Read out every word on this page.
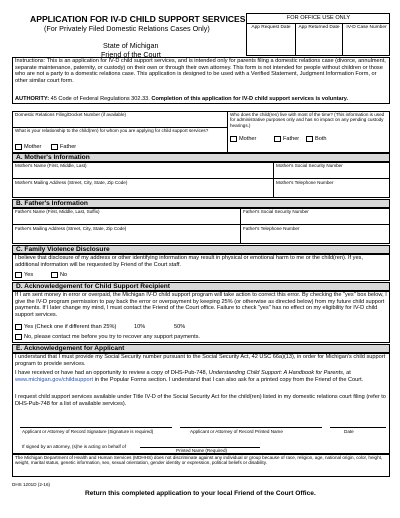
APPLICATION FOR IV-D CHILD SUPPORT SERVICES
(For Privately Filed Domestic Relations Cases Only)
State of Michigan
Friend of the Court
FOR OFFICE USE ONLY
App Request Date	App Returned Date	IV-D Case Number
Instructions: This is an application for IV-D child support services, and is intended only for parents filing a domestic relations case (divorce, annulment, separate maintenance, paternity, or custody) on their own or through their own attorney. This form is not intended for people without children or those who are not a party to a domestic relations case. This application is designed to be used with a Verified Statement, Judgment Information Form, or other similar court form.
AUTHORITY: 45 Code of Federal Regulations 302.33. Completion of this application for IV-D child support services is voluntary.
Domestic Relations Filing/Docket Number (if available)
What is your relationship to the child(ren) for whom you are applying for child support services?
Mother	Father
Who does the child(ren) live with most of the time? (This information is used for administrative purposes only and has no impact on any pending custody hearings.)
Mother	Father	Both
A. Mother's Information
Mother's Name (First, Middle, Last)	Mother's Social Security Number
Mother's Mailing Address (Street, City, State, Zip Code)	Mother's Telephone Number
B. Father's Information
Father's Name (First, Middle, Last, Suffix)	Father's Social Security Number
Father's Mailing Address (Street, City, State, Zip Code)	Father's Telephone Number
C. Family Violence Disclosure
I believe that disclosure of my address or other identifying information may result in physical or emotional harm to me or the child(ren). If yes, additional information will be requested by Friend of the Court staff.
Yes	No
D. Acknowledgement for Child Support Recipient
If I am sent money in error or overpaid, the Michigan IV-D child support program will take action to correct this error. By checking the "yes" box below, I give the IV-D program permission to pay back the error or overpayment by keeping 25% (or otherwise as directed below) from my future child support payments. If I later change my mind, I must contact the Friend of the Court office. Failure to check "yes" has no effect on my eligibility for IV-D child support services.
Yes (Check one if different than 25%)	10%	50%
No, please contact me before you try to recover any support payments.
E. Acknowledgement for Applicant
I understand that I must provide my Social Security number pursuant to the Social Security Act, 42 USC 66a)(13), in order for Michigan's child support program to provide services.
I have received or have had an opportunity to review a copy of DHS-Pub-748, Understanding Child Support: A Handbook for Parents, at www.michigan.gov/childsupport in the Popular Forms section. I understand that I can also ask for a printed copy from the Friend of the Court.
I request child support services available under Title IV-D of the Social Security Act for the child(ren) listed in my domestic relations court filing (refer to DHS-Pub-748 for a list of available services).
Applicant or Attorney of Record Signature (Signature is required)	Applicant or Attorney of Record Printed Name	Date
If signed by an attorney, (s)he is acting on behalf of
Printed Name (Required)
The Michigan Department of Health and Human Services (MDHHS) does not discriminate against any individual or group because of race, religion, age, national origin, color, height, weight, marital status, genetic information, sex, sexual orientation, gender identity or expression, political beliefs or disability.
DHS 1201D (2-16)
Return this completed application to your local Friend of the Court Office.
